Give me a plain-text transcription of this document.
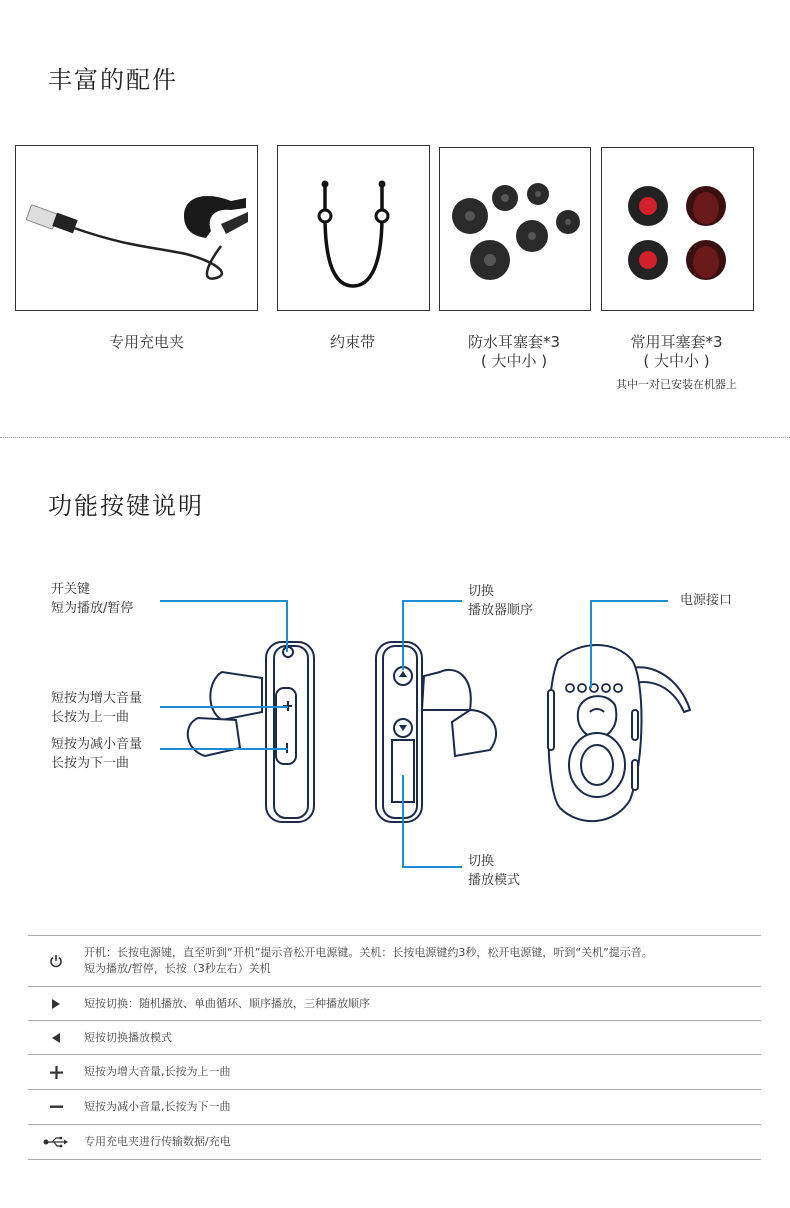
丰富的配件
专用充电夹	约束带	防水耳塞套*3
( 大中小 )
常用耳塞套*3
( 大中小 )
其中一对已安装在机器上
功能按键说明
开关键
短为播放/暂停
短按为增大音量
长按为上一曲
短按为减小音量
长按为下一曲
切换
播放器顺序
电源接口
切换
播放模式
开机：长按电源键，直至听到“开机”提示音松开电源键。关机：长按电源键约3秒，松开电源键，听到“关机”提示音。
短为播放/暂停，长按（3秒左右）关机
短按切换：随机播放、单曲循环、顺序播放，三种播放顺序
短按切换播放模式
短按为增大音量,长按为上一曲
短按为减小音量,长按为下一曲
专用充电夹进行传输数据/充电
